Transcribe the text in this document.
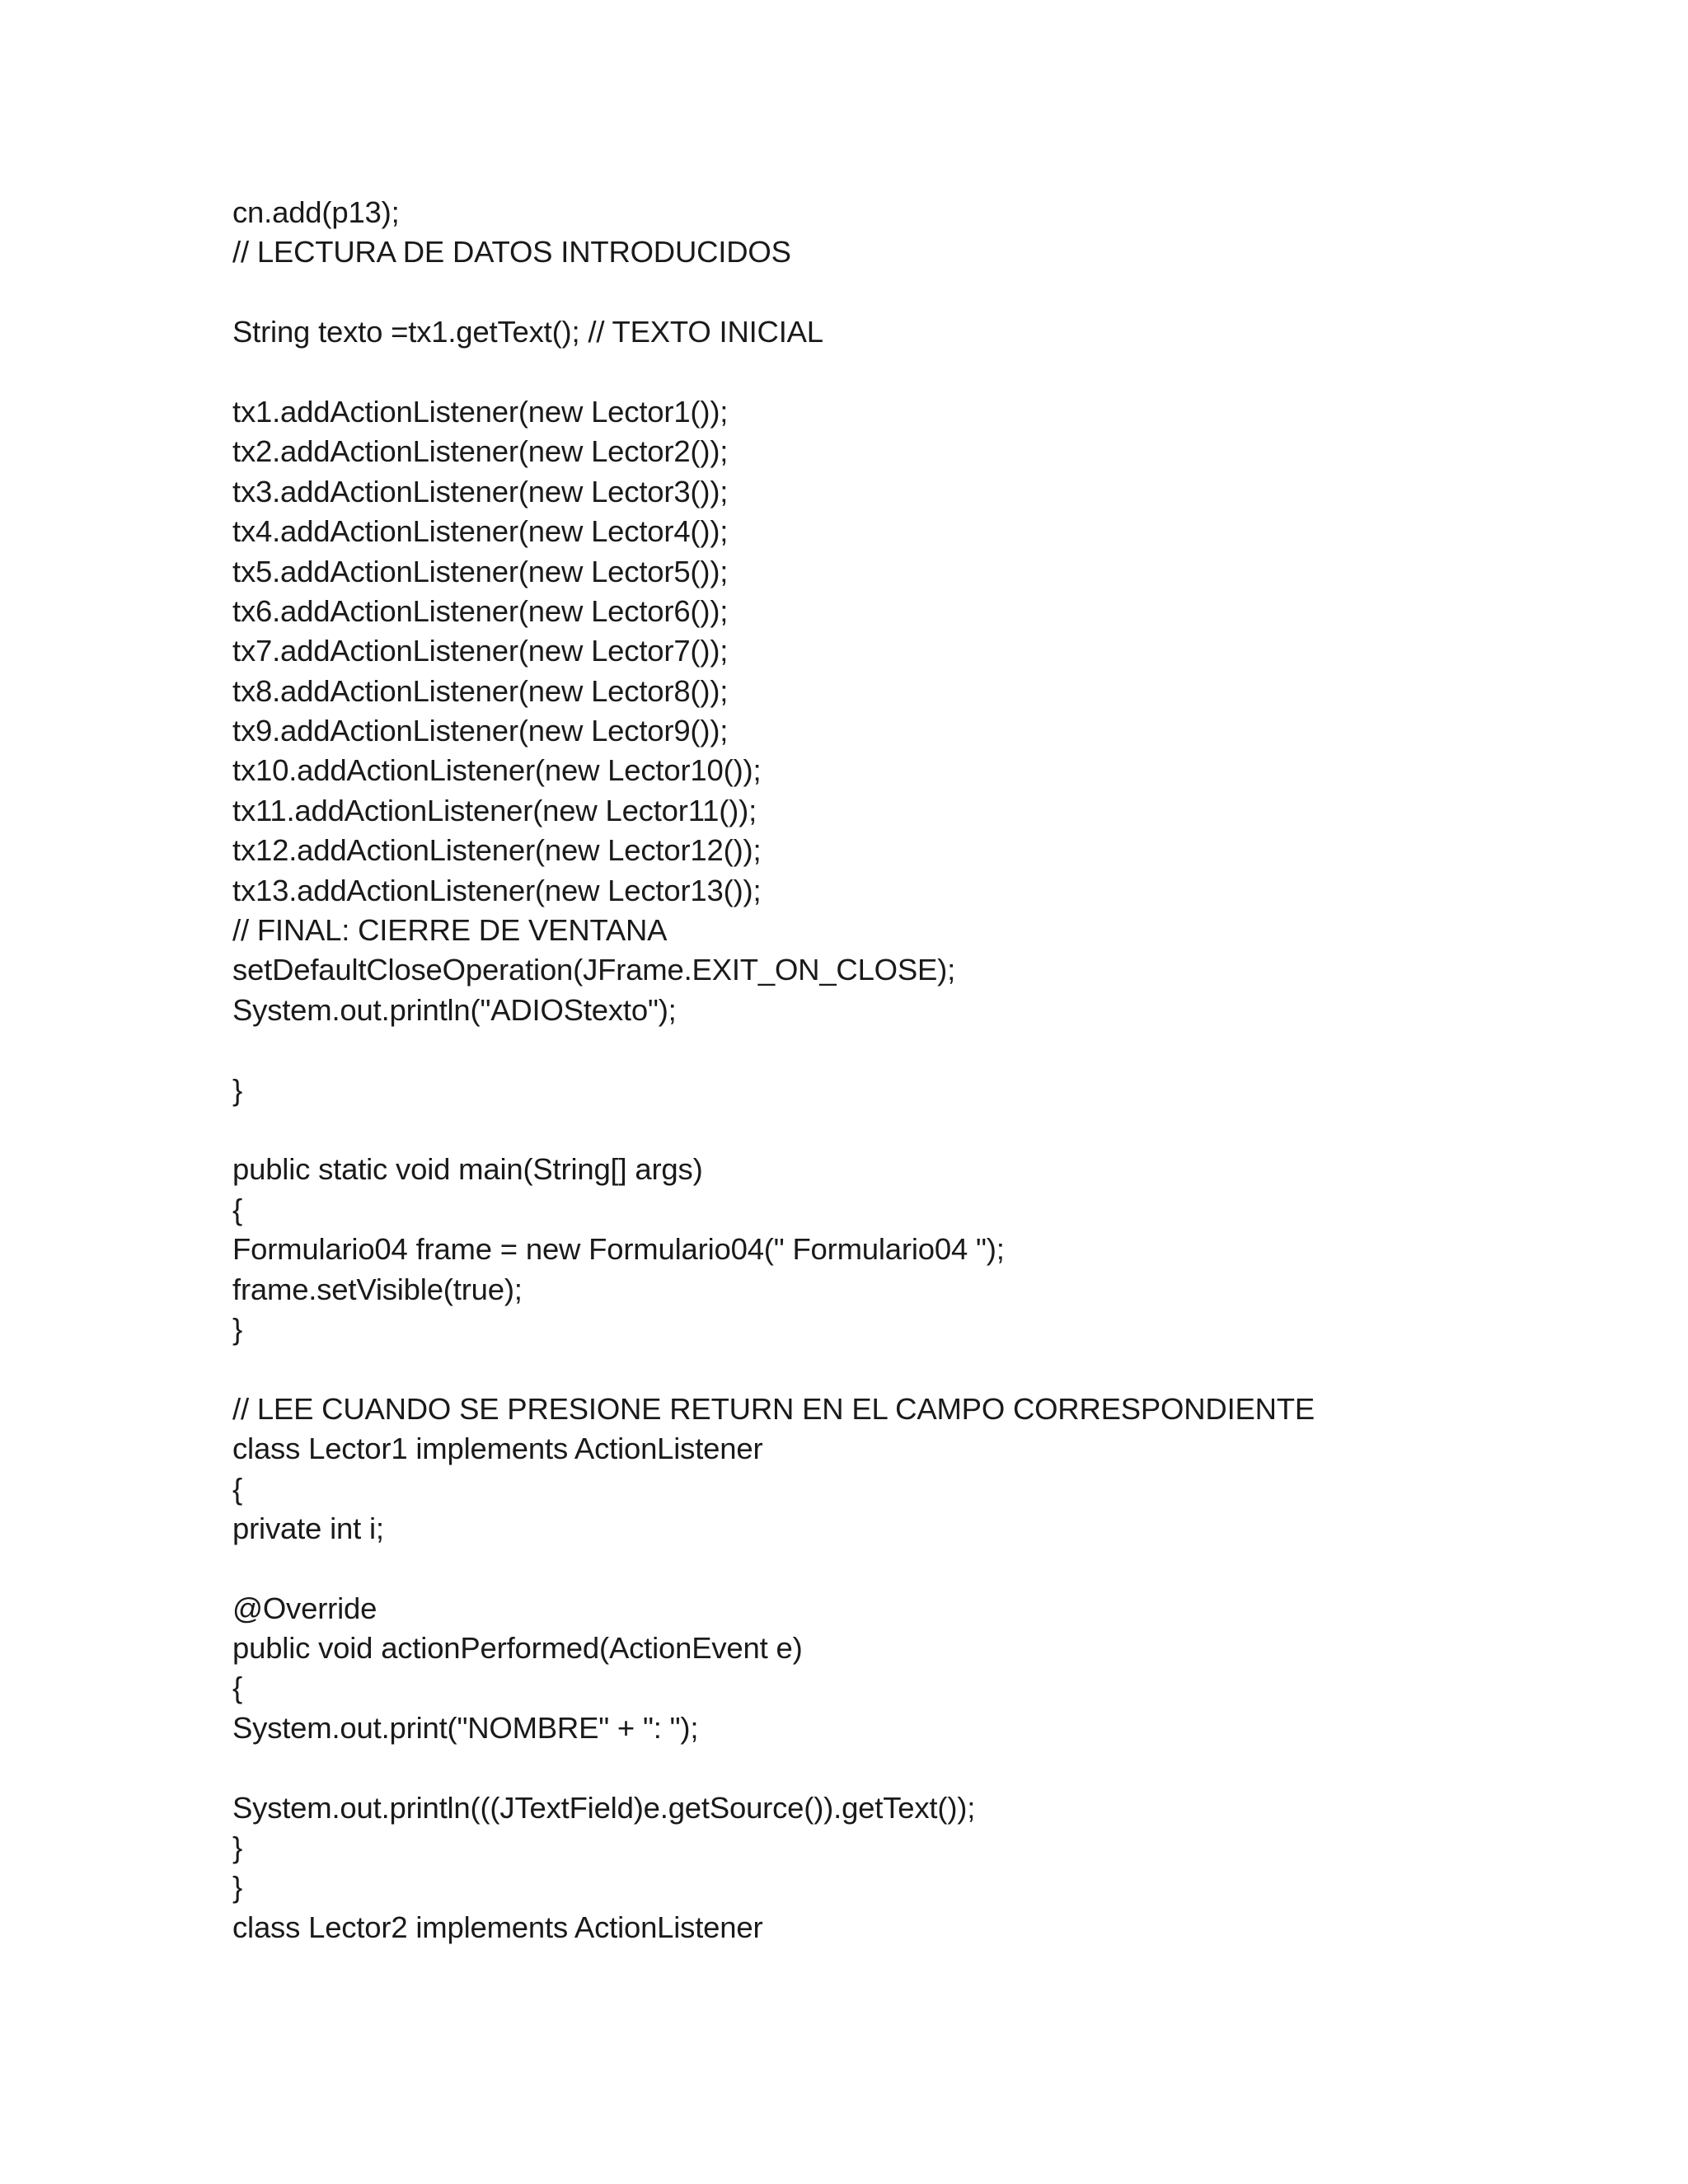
cn.add(p13);
// LECTURA DE DATOS INTRODUCIDOS
String texto =tx1.getText(); // TEXTO INICIAL
tx1.addActionListener(new Lector1());
tx2.addActionListener(new Lector2());
tx3.addActionListener(new Lector3());
tx4.addActionListener(new Lector4());
tx5.addActionListener(new Lector5());
tx6.addActionListener(new Lector6());
tx7.addActionListener(new Lector7());
tx8.addActionListener(new Lector8());
tx9.addActionListener(new Lector9());
tx10.addActionListener(new Lector10());
tx11.addActionListener(new Lector11());
tx12.addActionListener(new Lector12());
tx13.addActionListener(new Lector13());
// FINAL: CIERRE DE VENTANA
setDefaultCloseOperation(JFrame.EXIT_ON_CLOSE);
System.out.println("ADIOStexto");
}
public static void main(String[] args)
{
Formulario04 frame = new Formulario04(" Formulario04 ");
frame.setVisible(true);
}
// LEE CUANDO SE PRESIONE RETURN EN EL CAMPO CORRESPONDIENTE
class Lector1 implements ActionListener
{
private int i;
@Override
public void actionPerformed(ActionEvent e)
{
System.out.print("NOMBRE" + ": ");
System.out.println(((JTextField)e.getSource()).getText());
}
}
class Lector2 implements ActionListener
